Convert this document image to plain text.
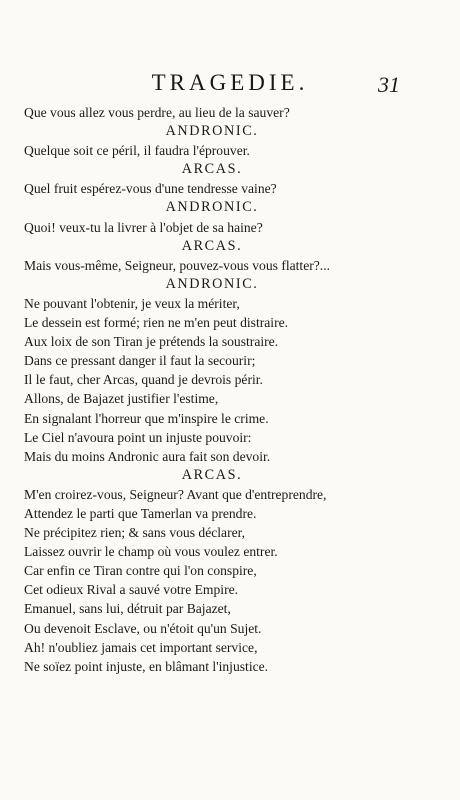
TRAGEDIE.	31
Que vous allez vous perdre, au lieu de la sauver?
ANDRONIC.
Quelque soit ce péril, il faudra l'éprouver.
ARCAS.
Quel fruit espérez-vous d'une tendresse vaine?
ANDRONIC.
Quoi! veux-tu la livrer à l'objet de sa haine?
ARCAS.
Mais vous-même, Seigneur, pouvez-vous vous flatter?...
ANDRONIC.
Ne pouvant l'obtenir, je veux la mériter,
Le dessein est formé; rien ne m'en peut distraire.
Aux loix de son Tiran je prétends la soustraire.
Dans ce pressant danger il faut la secourir;
Il le faut, cher Arcas, quand je devrois périr.
Allons, de Bajazet justifier l'estime,
En signalant l'horreur que m'inspire le crime.
Le Ciel n'avoura point un injuste pouvoir:
Mais du moins Andronic aura fait son devoir.
ARCAS.
M'en croirez-vous, Seigneur? Avant que d'entreprendre,
Attendez le parti que Tamerlan va prendre.
Ne précipitez rien; & sans vous déclarer,
Laissez ouvrir le champ où vous voulez entrer.
Car enfin ce Tiran contre qui l'on conspire,
Cet odieux Rival a sauvé votre Empire.
Emanuel, sans lui, détruit par Bajazet,
Ou devenoit Esclave, ou n'étoit qu'un Sujet.
Ah! n'oubliez jamais cet important service,
Ne soïez point injuste, en blâmant l'injustice.
